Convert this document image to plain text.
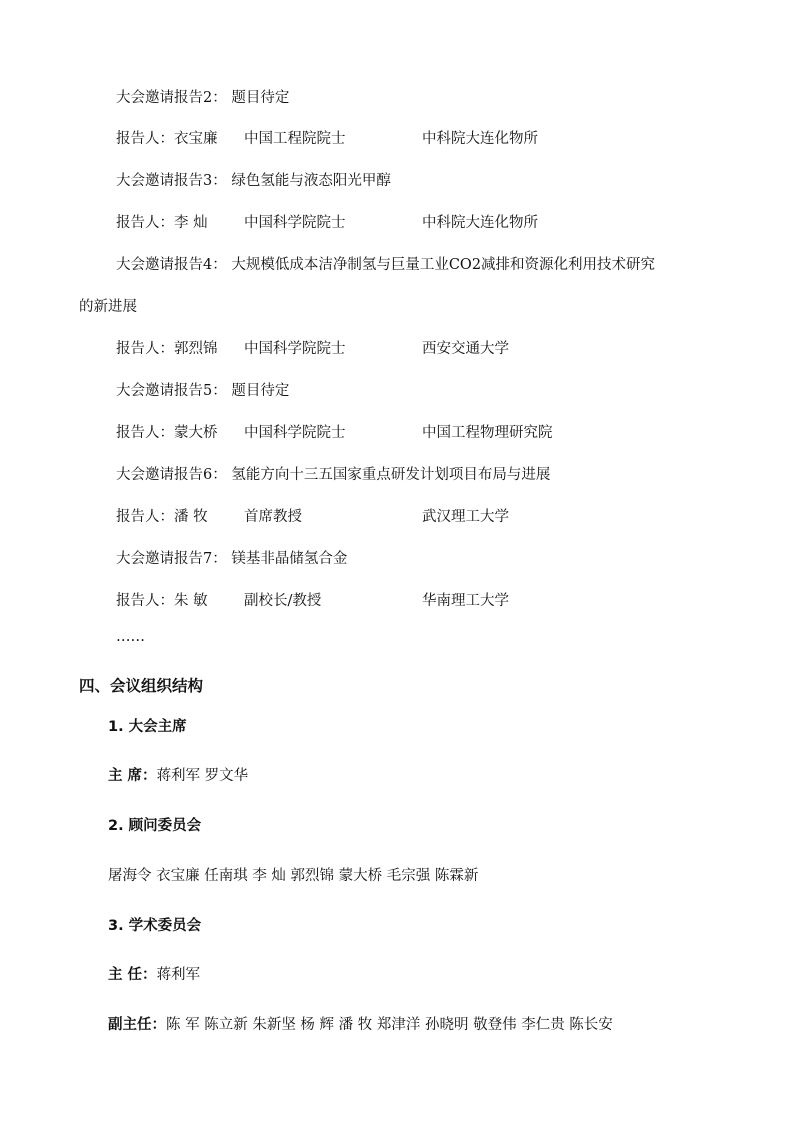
大会邀请报告2： 题目待定
报告人：衣宝廉 中国工程院院士	中科院大连化物所
大会邀请报告3： 绿色氢能与液态阳光甲醇
报告人：李 灿	中国科学院院士	中科院大连化物所
大会邀请报告4： 大规模低成本洁净制氢与巨量工业CO2减排和资源化利用技术研究
的新进展
报告人：郭烈锦 中国科学院院士	西安交通大学
大会邀请报告5： 题目待定
报告人：蒙大桥 中国科学院院士	中国工程物理研究院
大会邀请报告6： 氢能方向十三五国家重点研发计划项目布局与进展
报告人：潘 牧	首席教授	武汉理工大学
大会邀请报告7： 镁基非晶储氢合金
报告人：朱 敏	副校长/教授	华南理工大学
……
四、会议组织结构
1. 大会主席
主 席：蒋利军 罗文华
2. 顾问委员会
屠海令 衣宝廉 任南琪 李 灿 郭烈锦 蒙大桥 毛宗强 陈霖新
3. 学术委员会
主 任：蒋利军
副主任：陈 军 陈立新 朱新坚 杨 辉 潘 牧 郑津洋 孙晓明 敬登伟 李仁贵 陈长安
